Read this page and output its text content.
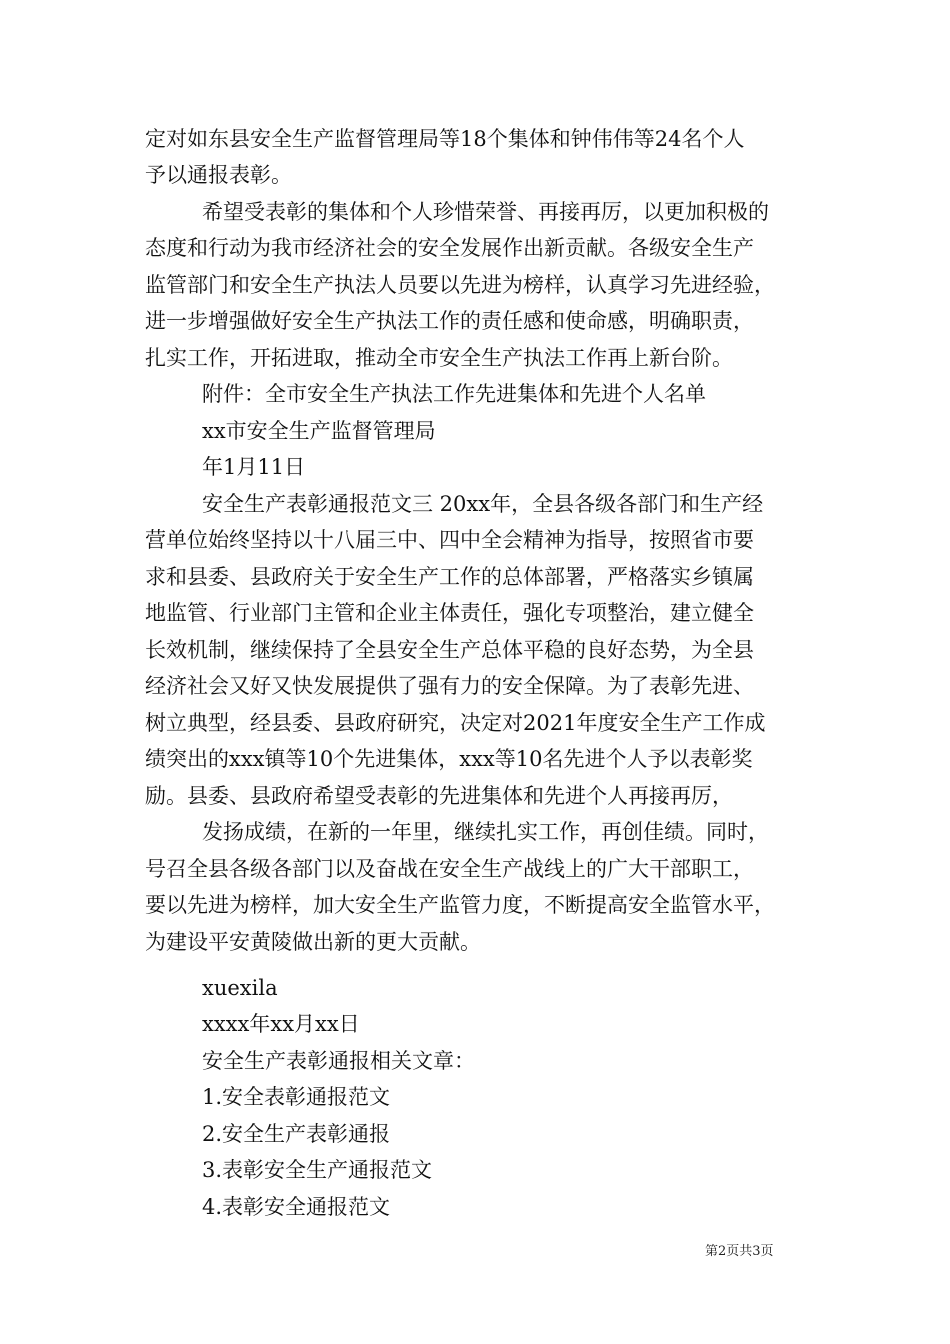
定对如东县安全生产监督管理局等18个集体和钟伟伟等24名个人
予以通报表彰。
希望受表彰的集体和个人珍惜荣誉、再接再厉，以更加积极的
态度和行动为我市经济社会的安全发展作出新贡献。各级安全生产
监管部门和安全生产执法人员要以先进为榜样，认真学习先进经验，
进一步增强做好安全生产执法工作的责任感和使命感，明确职责，
扎实工作，开拓进取，推动全市安全生产执法工作再上新台阶。
附件：全市安全生产执法工作先进集体和先进个人名单
xx市安全生产监督管理局
年1月11日
安全生产表彰通报范文三 20xx年，全县各级各部门和生产经
营单位始终坚持以十八届三中、四中全会精神为指导，按照省市要
求和县委、县政府关于安全生产工作的总体部署，严格落实乡镇属
地监管、行业部门主管和企业主体责任，强化专项整治，建立健全
长效机制，继续保持了全县安全生产总体平稳的良好态势，为全县
经济社会又好又快发展提供了强有力的安全保障。为了表彰先进、
树立典型，经县委、县政府研究，决定对2021年度安全生产工作成
绩突出的xxx镇等10个先进集体，xxx等10名先进个人予以表彰奖
励。县委、县政府希望受表彰的先进集体和先进个人再接再厉，
发扬成绩，在新的一年里，继续扎实工作，再创佳绩。同时，
号召全县各级各部门以及奋战在安全生产战线上的广大干部职工，
要以先进为榜样，加大安全生产监管力度，不断提高安全监管水平，
为建设平安黄陵做出新的更大贡献。
xuexila
xxxx年xx月xx日
安全生产表彰通报相关文章：
1.安全表彰通报范文
2.安全生产表彰通报
3.表彰安全生产通报范文
4.表彰安全通报范文
第2页共3页
